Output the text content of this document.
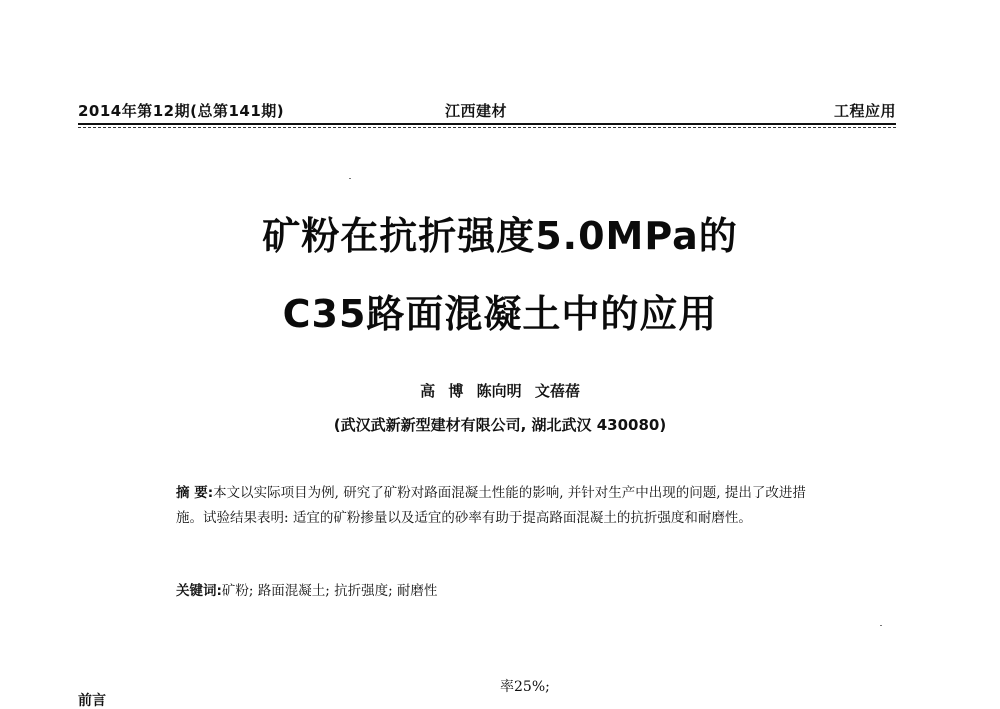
2014年第12期(总第141期)	江西建材	工程应用
矿粉在抗折强度5.0MPa的
C35路面混凝土中的应用
高 博 陈向明 文蓓蓓
(武汉武新新型建材有限公司, 湖北武汉 430080)
摘 要:本文以实际项目为例, 研究了矿粉对路面混凝土性能的影响, 并针对生产中出现的问题, 提出了改进措施。试验结果表明: 适宜的矿粉掺量以及适宜的砂率有助于提高路面混凝土的抗折强度和耐磨性。
关键词:矿粉; 路面混凝土; 抗折强度; 耐磨性
率25%;
前言
